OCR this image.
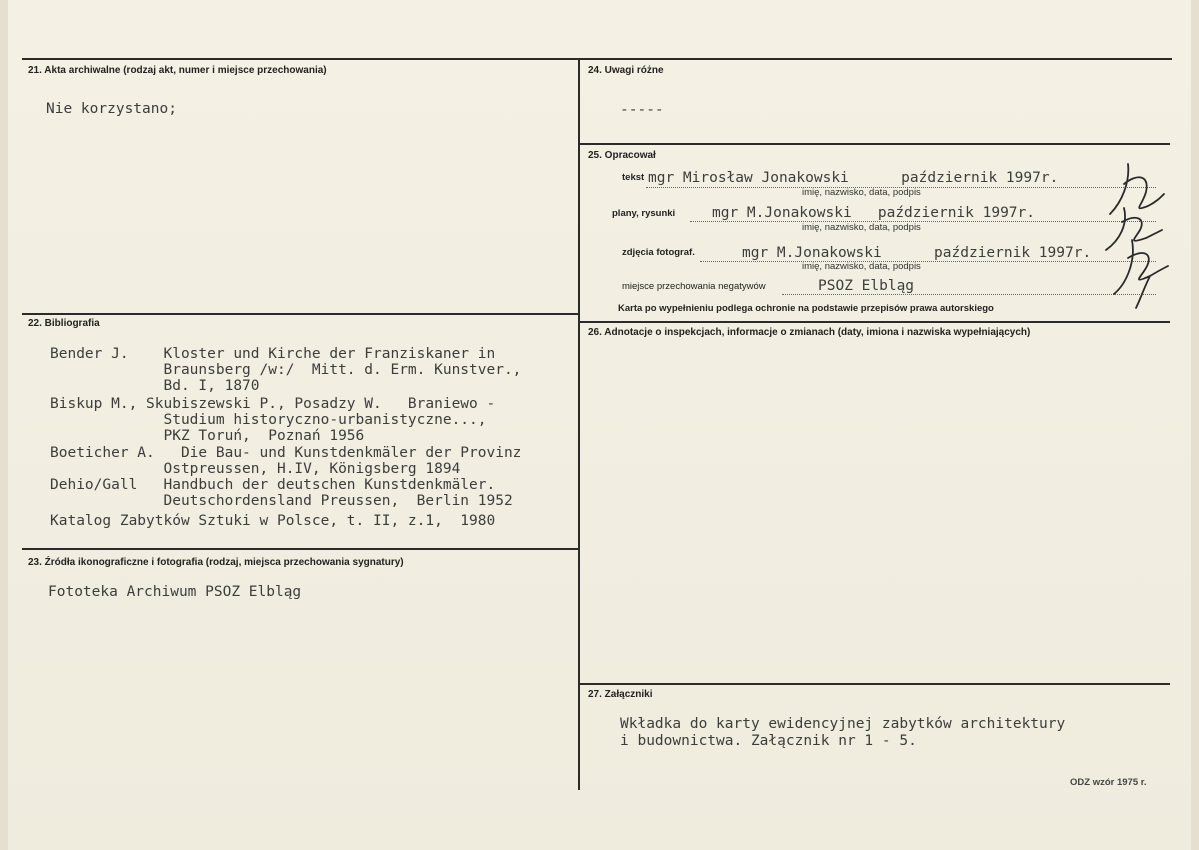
21. Akta archiwalne (rodzaj akt, numer i miejsce przechowania)
Nie korzystano;
22. Bibliografia
Bender J.    Kloster und Kirche der Franziskaner in
Braunsberg /w:/  Mitt. d. Erm. Kunstver.,
Bd. I, 1870
Biskup M., Skubiszewski P., Posadzy W.   Braniewo -
Studium historyczno-urbanistyczne...,
PKZ Toruń,  Poznań 1956
Boeticher A.   Die Bau- und Kunstdenkmäler der Provinz
Ostpreussen, H.IV, Königsberg 1894
Dehio/Gall   Handbuch der deutschen Kunstdenkmäler.
Deutschordensland Preussen,  Berlin 1952
Katalog Zabytków Sztuki w Polsce, t. II, z.1,  1980
23. Źródła ikonograficzne i fotografia (rodzaj, miejsca przechowania sygnatury)
Fototeka Archiwum PSOZ Elbląg
24. Uwagi różne
-----
25. Opracował
tekst mgr Mirosław Jonakowski      październik 1997r.
imię, nazwisko, data, podpis
plany, rysunki	mgr M.Jonakowski   październik 1997r.
imię, nazwisko, data, podpis
zdjęcia fotograf.	mgr M.Jonakowski      październik 1997r.
imię, nazwisko, data, podpis
miejsce przechowania negatywów	PSOZ Elbląg
Karta po wypełnieniu podlega ochronie na podstawie przepisów prawa autorskiego
26. Adnotacje o inspekcjach, informacje o zmianach (daty, imiona i nazwiska wypełniających)
27. Załączniki
Wkładka do karty ewidencyjnej zabytków architektury
i budownictwa. Załącznik nr 1 - 5.
ODZ wzór 1975 r.
